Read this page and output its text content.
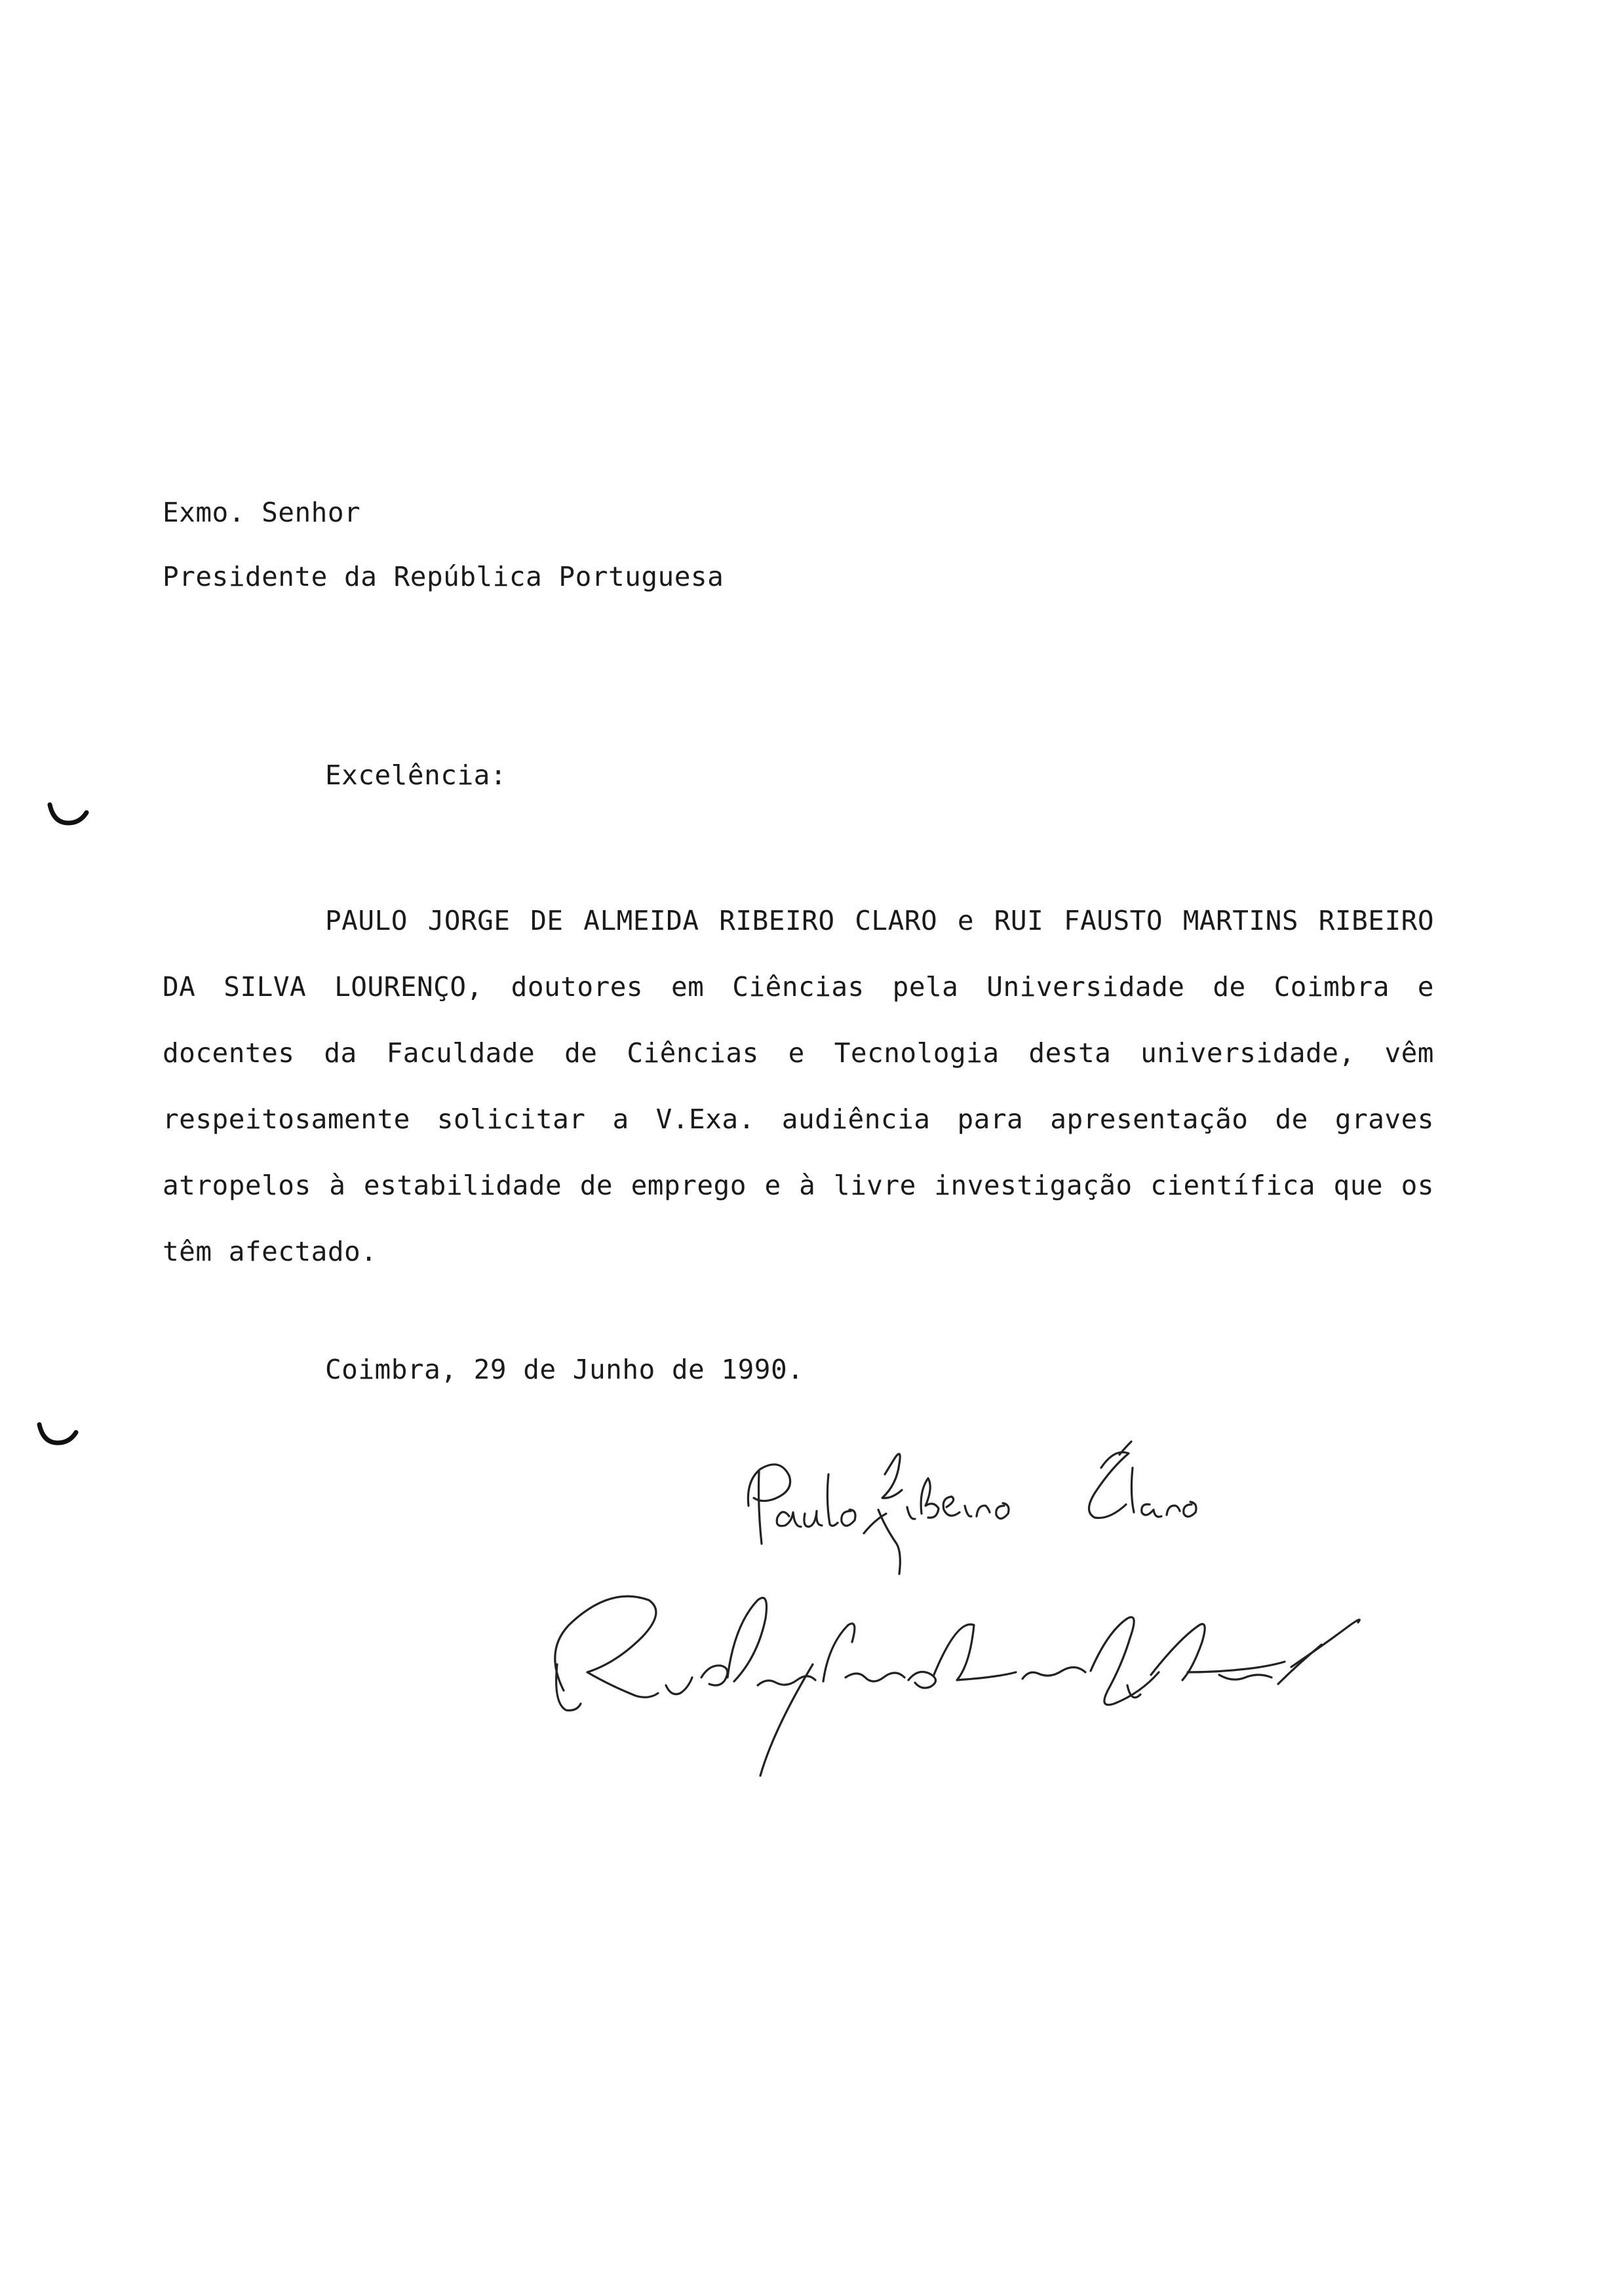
Exmo. Senhor
Presidente da República Portuguesa
Excelência:
PAULO JORGE DE ALMEIDA RIBEIRO CLARO e RUI FAUSTO MARTINS RIBEIRO DA SILVA LOURENÇO, doutores em Ciências pela Universidade de Coimbra e docentes da Faculdade de Ciências e Tecnologia desta universidade, vêm respeitosamente solicitar a V.Exa. audiência para apresentação de graves atropelos à estabilidade de emprego e à livre investigação científica que os têm afectado.
Coimbra, 29 de Junho de 1990.
